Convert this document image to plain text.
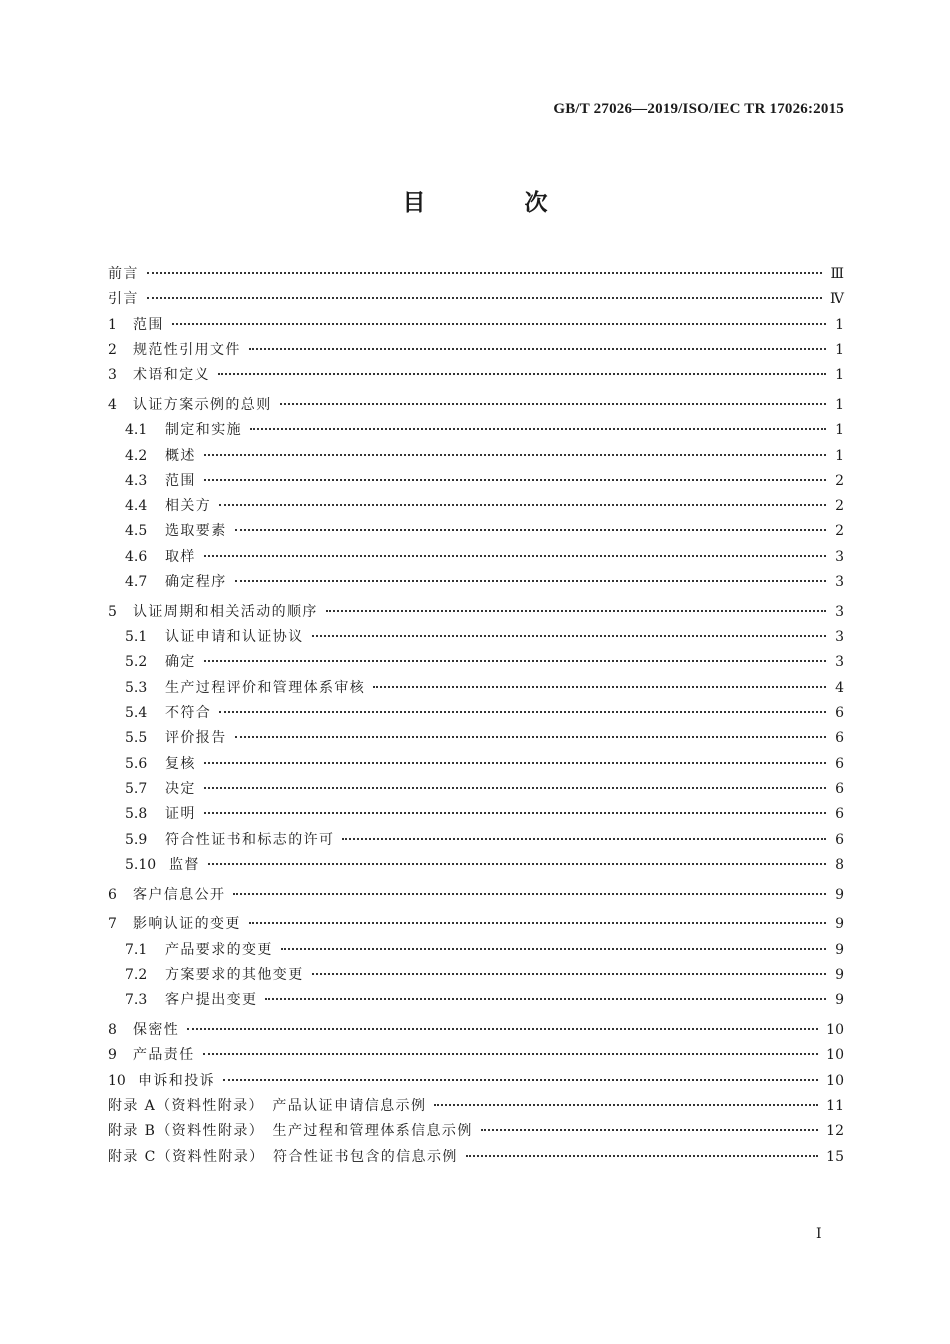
GB/T 27026—2019/ISO/IEC TR 17026:2015
目　次
前言	Ⅲ
引言	Ⅳ
1	范围	1
2	规范性引用文件	1
3	术语和定义	1
4	认证方案示例的总则	1
4.1	制定和实施	1
4.2	概述	1
4.3	范围	2
4.4	相关方	2
4.5	选取要素	2
4.6	取样	3
4.7	确定程序	3
5	认证周期和相关活动的顺序	3
5.1	认证申请和认证协议	3
5.2	确定	3
5.3	生产过程评价和管理体系审核	4
5.4	不符合	6
5.5	评价报告	6
5.6	复核	6
5.7	决定	6
5.8	证明	6
5.9	符合性证书和标志的许可	6
5.10 监督	8
6	客户信息公开	9
7	影响认证的变更	9
7.1	产品要求的变更	9
7.2	方案要求的其他变更	9
7.3	客户提出变更	9
8	保密性	10
9	产品责任	10
10 申诉和投诉	10
附录 A（资料性附录）　产品认证申请信息示例	11
附录 B（资料性附录）　生产过程和管理体系信息示例	12
附录 C（资料性附录）　符合性证书包含的信息示例	15
Ⅰ
